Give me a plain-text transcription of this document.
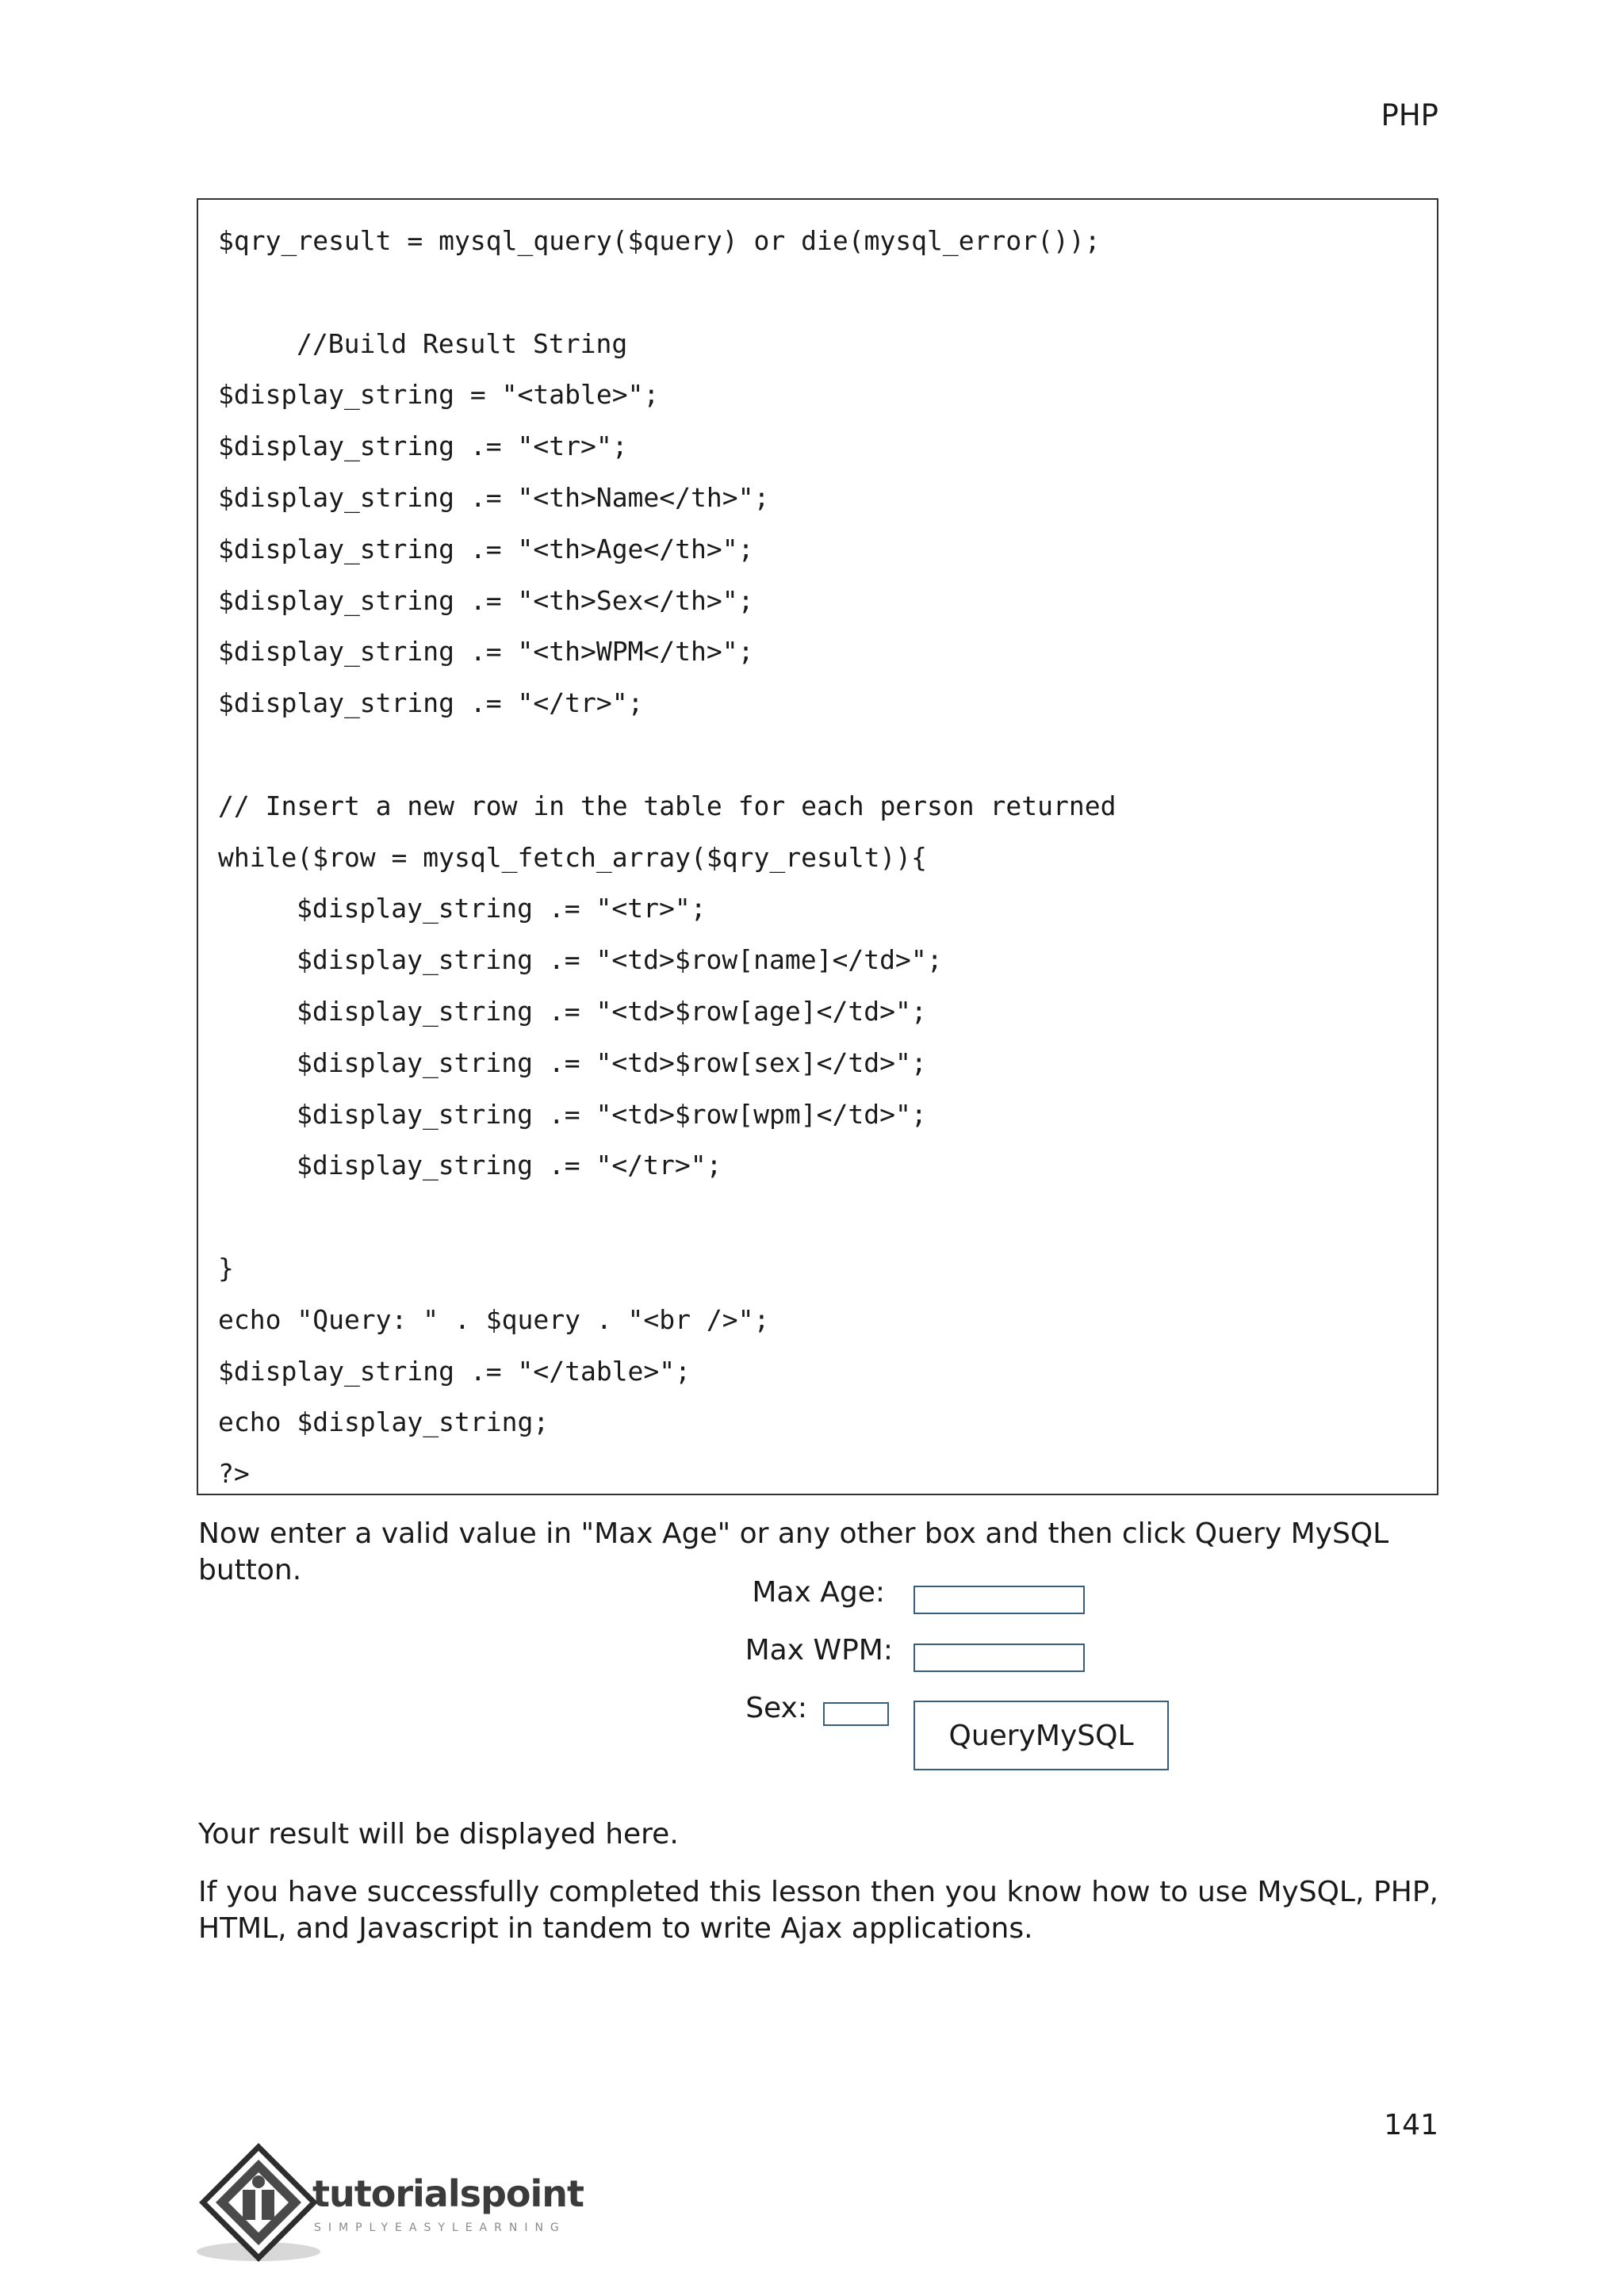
PHP
$qry_result = mysql_query($query) or die(mysql_error());
//Build Result String
$display_string = "<table>";
$display_string .= "<tr>";
$display_string .= "<th>Name</th>";
$display_string .= "<th>Age</th>";
$display_string .= "<th>Sex</th>";
$display_string .= "<th>WPM</th>";
$display_string .= "</tr>";
// Insert a new row in the table for each person returned
while($row = mysql_fetch_array($qry_result)){
$display_string .= "<tr>";
$display_string .= "<td>$row[name]</td>";
$display_string .= "<td>$row[age]</td>";
$display_string .= "<td>$row[sex]</td>";
$display_string .= "<td>$row[wpm]</td>";
$display_string .= "</tr>";
}
echo "Query: " . $query . "<br />";
$display_string .= "</table>";
echo $display_string;
?>
Now enter a valid value in "Max Age" or any other box and then click Query MySQL button.
Max Age:
Max WPM:
Sex:
QueryMySQL
Your result will be displayed here.
If you have successfully completed this lesson then you know how to use MySQL, PHP, HTML, and Javascript in tandem to write Ajax applications.
141
tutorialspoint
SIMPLYEASYLEARNING
